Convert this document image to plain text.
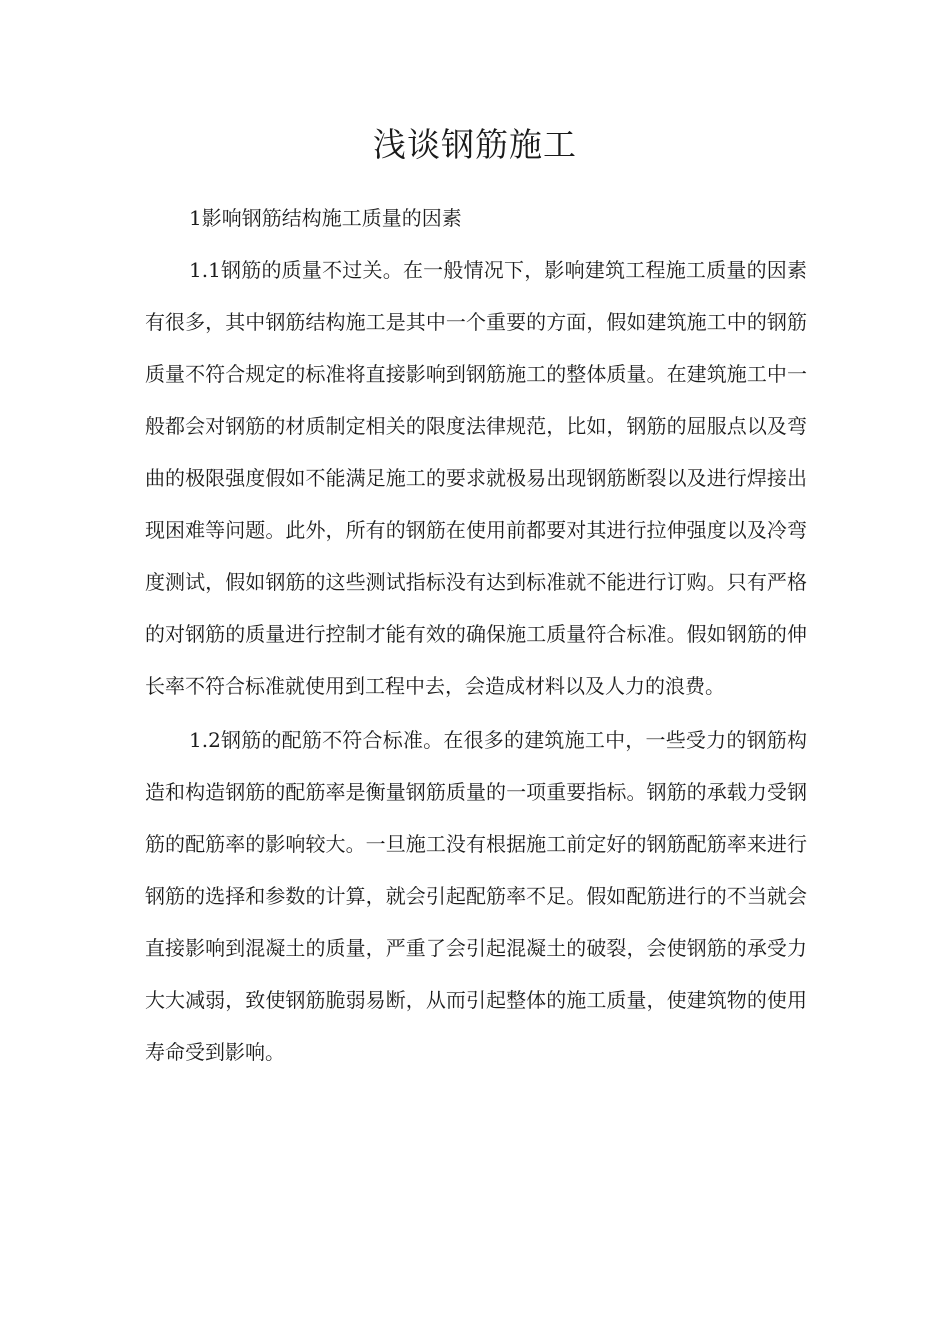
浅谈钢筋施工

1影响钢筋结构施工质量的因素

1.1钢筋的质量不过关。在一般情况下，影响建筑工程施工质量的因素有很多，其中钢筋结构施工是其中一个重要的方面，假如建筑施工中的钢筋质量不符合规定的标准将直接影响到钢筋施工的整体质量。在建筑施工中一般都会对钢筋的材质制定相关的限度法律规范，比如，钢筋的屈服点以及弯曲的极限强度假如不能满足施工的要求就极易出现钢筋断裂以及进行焊接出现困难等问题。此外，所有的钢筋在使用前都要对其进行拉伸强度以及冷弯度测试，假如钢筋的这些测试指标没有达到标准就不能进行订购。只有严格的对钢筋的质量进行控制才能有效的确保施工质量符合标准。假如钢筋的伸长率不符合标准就使用到工程中去，会造成材料以及人力的浪费。

1.2钢筋的配筋不符合标准。在很多的建筑施工中，一些受力的钢筋构造和构造钢筋的配筋率是衡量钢筋质量的一项重要指标。钢筋的承载力受钢筋的配筋率的影响较大。一旦施工没有根据施工前定好的钢筋配筋率来进行钢筋的选择和参数的计算，就会引起配筋率不足。假如配筋进行的不当就会直接影响到混凝土的质量，严重了会引起混凝土的破裂，会使钢筋的承受力大大减弱，致使钢筋脆弱易断，从而引起整体的施工质量，使建筑物的使用寿命受到影响。
